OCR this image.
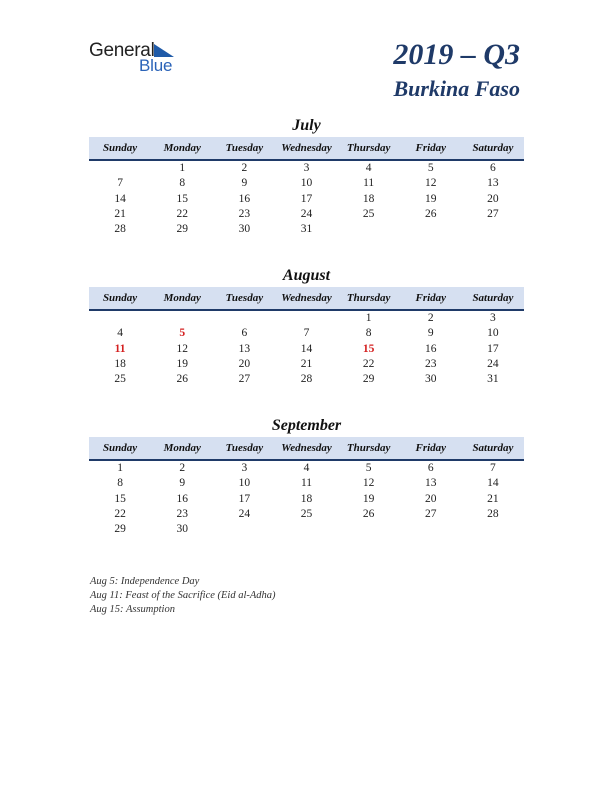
General
Blue	2019 – Q3
Burkina Faso
July
Sunday	Monday	Tuesday	Wednesday	Thursday	Friday	Saturday
	1	2	3	4	5	6
7	8	9	10	11	12	13
14	15	16	17	18	19	20
21	22	23	24	25	26	27
28	29	30	31			
August
Sunday	Monday	Tuesday	Wednesday	Thursday	Friday	Saturday
				1	2	3
4	5	6	7	8	9	10
11	12	13	14	15	16	17
18	19	20	21	22	23	24
25	26	27	28	29	30	31
September
Sunday	Monday	Tuesday	Wednesday	Thursday	Friday	Saturday
1	2	3	4	5	6	7
8	9	10	11	12	13	14
15	16	17	18	19	20	21
22	23	24	25	26	27	28
29	30					
Aug 5: Independence Day
Aug 11: Feast of the Sacrifice (Eid al-Adha)
Aug 15: Assumption
